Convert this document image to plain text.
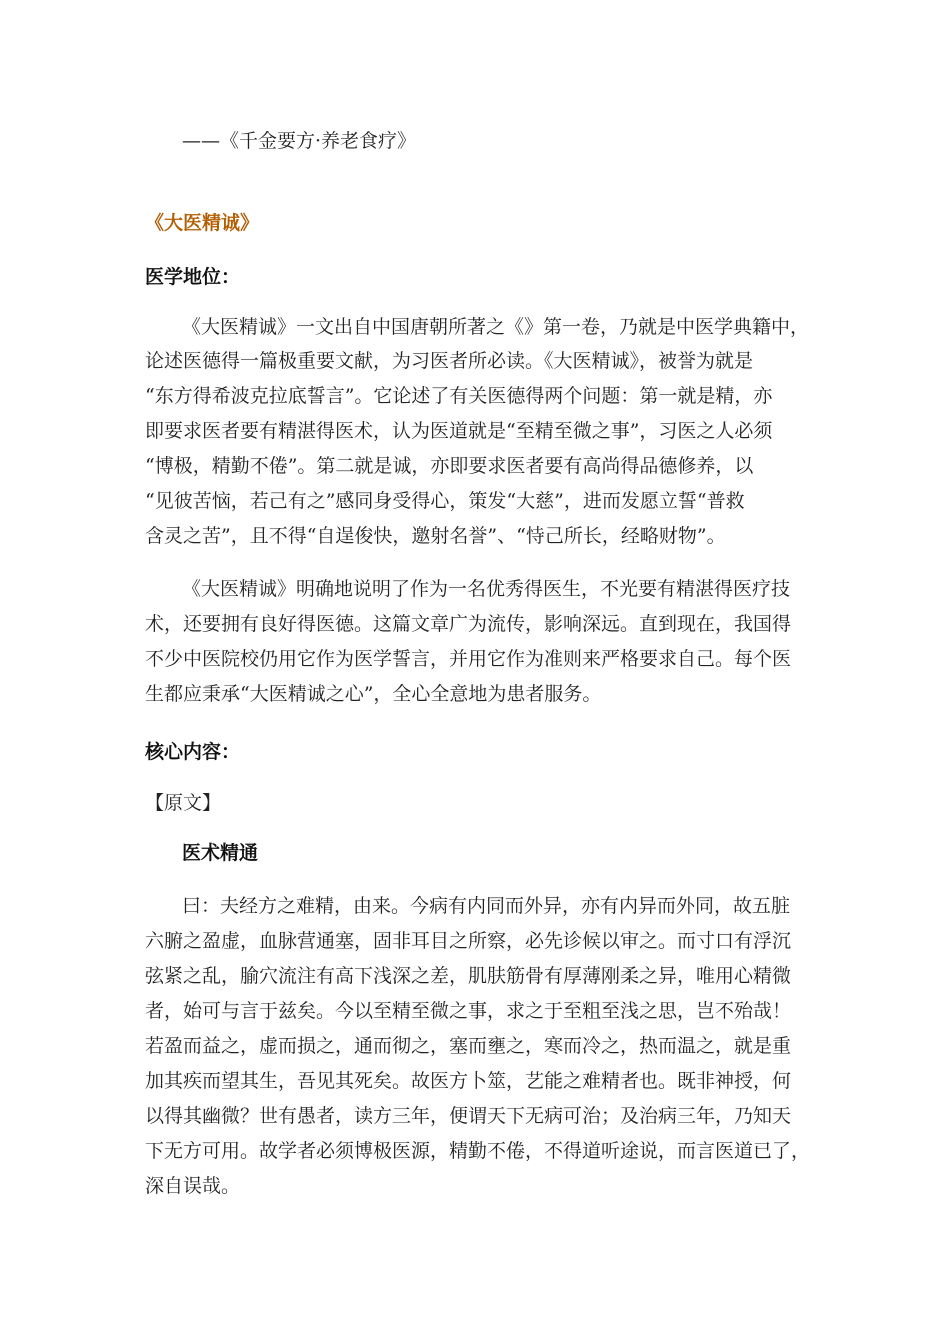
——《千金要方·养老食疗》
《大医精诚》
医学地位：
《大医精诚》一文出自中国唐朝所著之《》第一卷，乃就是中医学典籍中，
论述医德得一篇极重要文献，为习医者所必读。《大医精诚》，被誉为就是
“东方得希波克拉底誓言”。它论述了有关医德得两个问题：第一就是精，亦
即要求医者要有精湛得医术，认为医道就是“至精至微之事”，习医之人必须
“博极，精勤不倦”。第二就是诚，亦即要求医者要有高尚得品德修养，以
“见彼苦恼，若己有之”感同身受得心，策发“大慈”，进而发愿立誓“普救
含灵之苦”，且不得“自逞俊快，邀射名誉”、“恃己所长，经略财物”。
《大医精诚》明确地说明了作为一名优秀得医生，不光要有精湛得医疗技
术，还要拥有良好得医德。这篇文章广为流传，影响深远。直到现在，我国得
不少中医院校仍用它作为医学誓言，并用它作为准则来严格要求自己。每个医
生都应秉承“大医精诚之心”，全心全意地为患者服务。
核心内容：
【原文】
医术精通
曰：夫经方之难精，由来。今病有内同而外异，亦有内异而外同，故五脏
六腑之盈虚，血脉营通塞，固非耳目之所察，必先诊候以审之。而寸口有浮沉
弦紧之乱，腧穴流注有高下浅深之差，肌肤筋骨有厚薄刚柔之异，唯用心精微
者，始可与言于兹矣。今以至精至微之事，求之于至粗至浅之思，岂不殆哉！
若盈而益之，虚而损之，通而彻之，塞而壅之，寒而冷之，热而温之，就是重
加其疾而望其生，吾见其死矣。故医方卜筮，艺能之难精者也。既非神授，何
以得其幽微？世有愚者，读方三年，便谓天下无病可治；及治病三年，乃知天
下无方可用。故学者必须博极医源，精勤不倦，不得道听途说，而言医道已了，
深自误哉。
